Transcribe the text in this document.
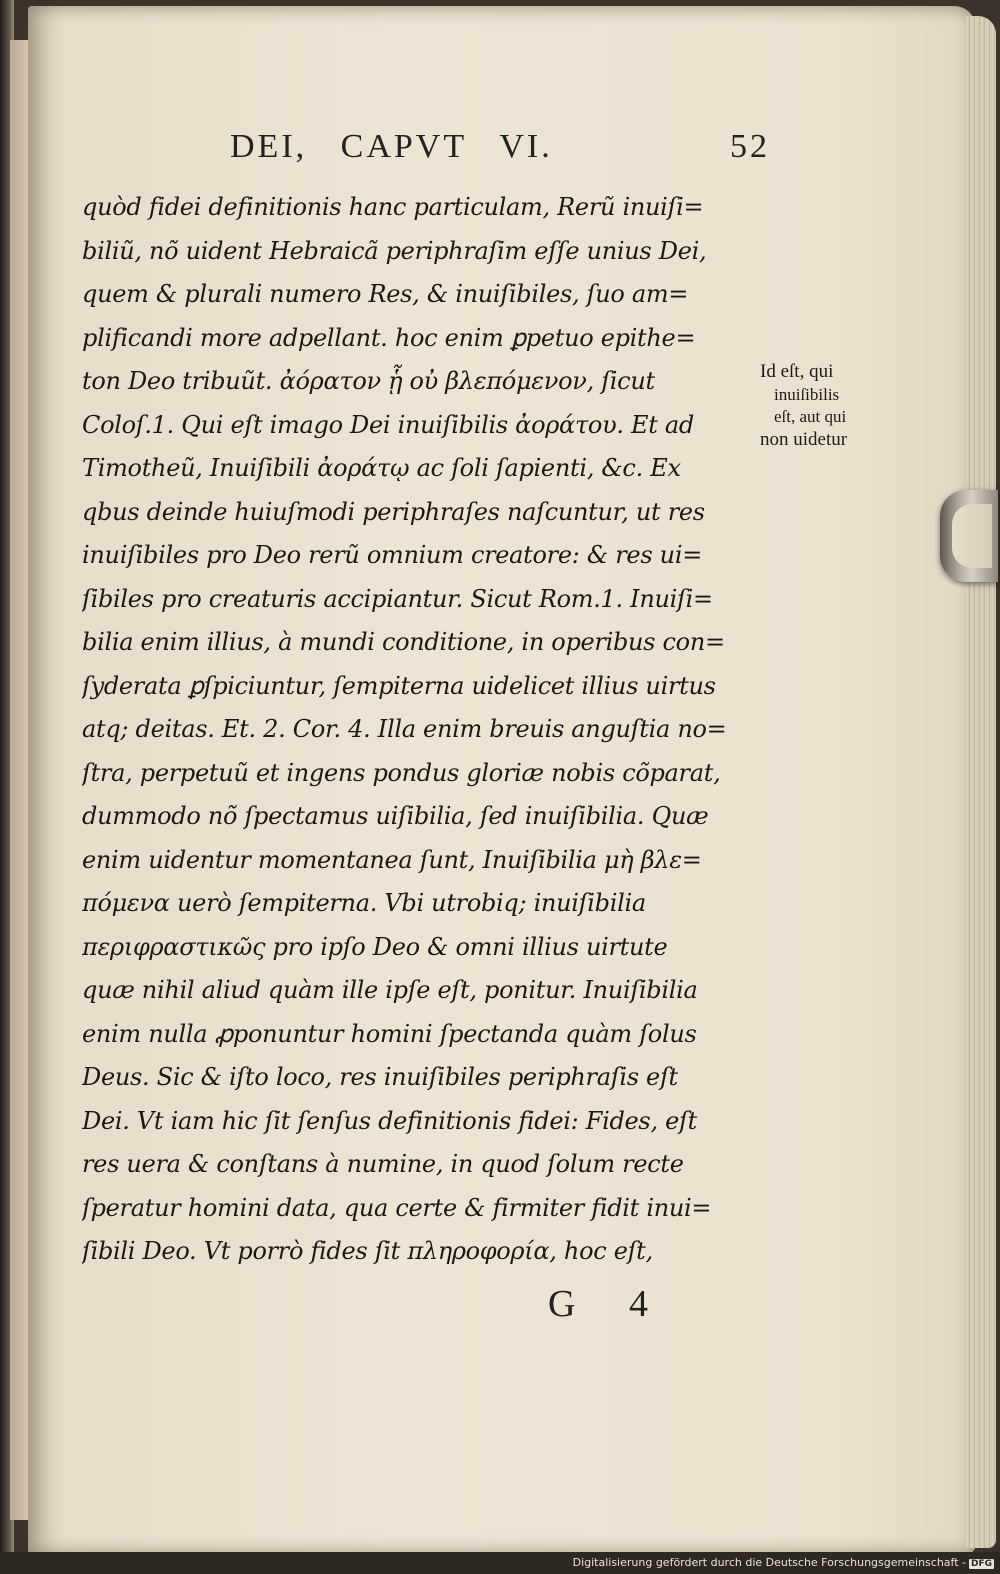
DEI, CAPVT VI.	52
quòd fidei definitionis hanc particulam, Rerũ inuiſi=
biliũ, nõ uident Hebraicã periphraſim eſſe unius Dei,
quem & plurali numero Res, & inuiſibiles, ſuo am=
plificandi more adpellant. hoc enim ꝑpetuo epithe=
ton Deo tribuũt. ἀόρατον ᾗ οὐ βλεπόμενον, ſicut
Coloſ.1. Qui eſt imago Dei inuiſibilis ἀοράτου. Et ad
Timotheũ, Inuiſibili ἀοράτῳ ac ſoli ſapienti, &c. Ex
qbus deinde huiuſmodi periphraſes naſcuntur, ut res
inuiſibiles pro Deo rerũ omnium creatore: & res ui=
ſibiles pro creaturis accipiantur. Sicut Rom.1. Inuiſi=
bilia enim illius, à mundi conditione, in operibus con=
ſyderata ꝑſpiciuntur, ſempiterna uidelicet illius uirtus
atq; deitas. Et. 2. Cor. 4. Illa enim breuis anguſtia no=
ſtra, perpetuũ et ingens pondus gloriæ nobis cõparat,
dummodo nõ ſpectamus uiſibilia, ſed inuiſibilia. Quæ
enim uidentur momentanea ſunt, Inuiſibilia μὴ βλε=
πόμενα uerò ſempiterna. Vbi utrobiq; inuiſibilia
περιφραστικῶς pro ipſo Deo & omni illius uirtute
quæ nihil aliud quàm ille ipſe eſt, ponitur. Inuiſibilia
enim nulla ꝓponuntur homini ſpectanda quàm ſolus
Deus. Sic & iſto loco, res inuiſibiles periphraſis eſt
Dei. Vt iam hic ſit ſenſus definitionis fidei: Fides, eſt
res uera & conſtans à numine, in quod ſolum recte
ſperatur homini data, qua certe & firmiter fidit inui=
ſibili Deo. Vt porrò fides ſit πληροφορία, hoc eſt,
Id eſt, qui
inuiſibilis
eſt, aut qui
non uidetur
G 4
Digitalisierung gefördert durch die Deutsche Forschungsgemeinschaft - DFG
